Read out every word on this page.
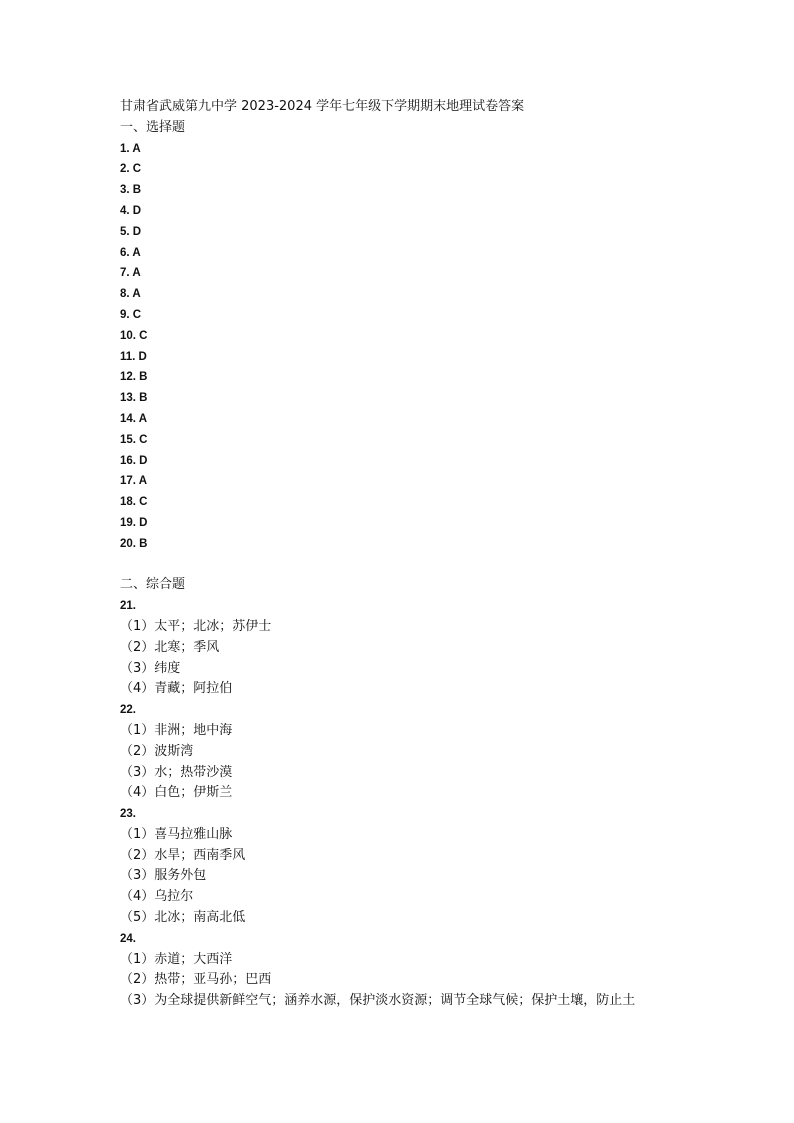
甘肃省武威第九中学 2023-2024 学年七年级下学期期末地理试卷答案
一、选择题
1. A
2. C
3. B
4. D
5. D
6. A
7. A
8. A
9. C
10. C
11. D
12. B
13. B
14. A
15. C
16. D
17. A
18. C
19. D
20. B
二、综合题
21.
（1）太平；北冰；苏伊士
（2）北寒；季风
（3）纬度
（4）青藏；阿拉伯
22.
（1）非洲；地中海
（2）波斯湾
（3）水；热带沙漠
（4）白色；伊斯兰
23.
（1）喜马拉雅山脉
（2）水旱；西南季风
（3）服务外包
（4）乌拉尔
（5）北冰；南高北低
24.
（1）赤道；大西洋
（2）热带；亚马孙；巴西
（3）为全球提供新鲜空气；涵养水源，保护淡水资源；调节全球气候；保护土壤，防止土
